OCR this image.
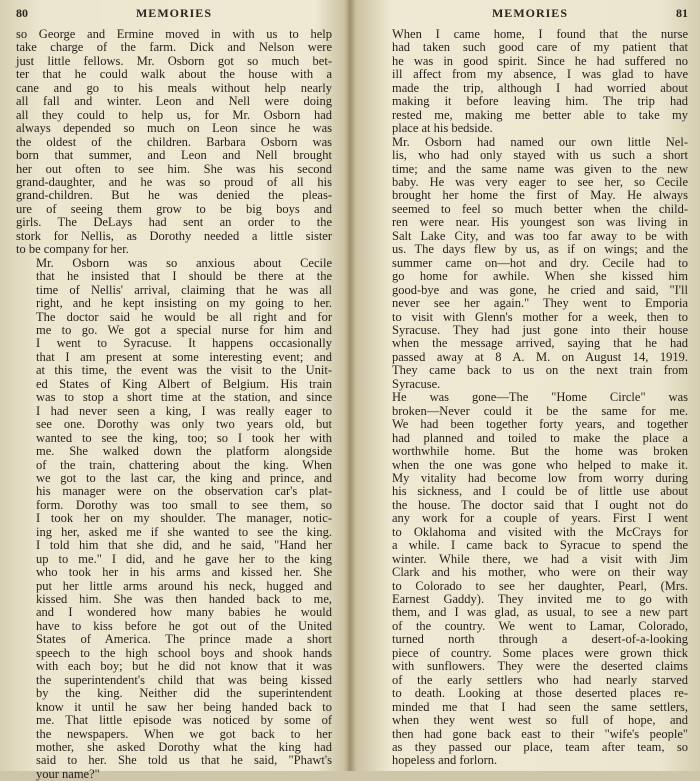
MEMORIES
80

so George and Ermine moved in with us to help
take charge of the farm. Dick and Nelson were
just little fellows. Mr. Osborn got so much bet-
ter that he could walk about the house with a
cane and go to his meals without help nearly
all fall and winter. Leon and Nell were doing
all they could to help us, for Mr. Osborn had
always depended so much on Leon since he was
the oldest of the children. Barbara Osborn was
born that summer, and Leon and Nell brought
her out often to see him. She was his second
grand-daughter, and he was so proud of all his
grand-children. But he was denied the pleas-
ure of seeing them grow to be big boys and
girls. The DeLays had sent an order to the
stork for Nellis, as Dorothy needed a little sister
to be company for her.

Mr. Osborn was so anxious about Cecile
that he insisted that I should be there at the
time of Nellis' arrival, claiming that he was all
right, and he kept insisting on my going to her.
The doctor said he would be all right and for
me to go. We got a special nurse for him and
I went to Syracuse. It happens occasionally
that I am present at some interesting event; and
at this time, the event was the visit to the Unit-
ed States of King Albert of Belgium. His train
was to stop a short time at the station, and since
I had never seen a king, I was really eager to
see one. Dorothy was only two years old, but
wanted to see the king, too; so I took her with
me. She walked down the platform alongside
of the train, chattering about the king. When
we got to the last car, the king and prince, and
his manager were on the observation car's plat-
form. Dorothy was too small to see them, so
I took her on my shoulder. The manager, notic-
ing her, asked me if she wanted to see the king.
I told him that she did, and he said, "Hand her
up to me." I did, and he gave her to the king
who took her in his arms and kissed her. She
put her little arms around his neck, hugged and
kissed him. She was then handed back to me,
and I wondered how many babies he would
have to kiss before he got out of the United
States of America. The prince made a short
speech to the high school boys and shook hands
with each boy; but he did not know that it was
the superintendent's child that was being kissed
by the king. Neither did the superintendent
know it until he saw her being handed back to
me. That little episode was noticed by some of
the newspapers. When we got back to her
mother, she asked Dorothy what the king had
said to her. She told us that he said, "Phawt's
your name?"

MEMORIES	81

When I came home, I found that the nurse
had taken such good care of my patient that
he was in good spirit. Since he had suffered no
ill affect from my absence, I was glad to have
made the trip, although I had worried about
making it before leaving him. The trip had
rested me, making me better able to take my
place at his bedside.

Mr. Osborn had named our own little Nel-
lis, who had only stayed with us such a short
time; and the same name was given to the new
baby. He was very eager to see her, so Cecile
brought her home the first of May. He always
seemed to feel so much better when the child-
ren were near. His youngest son was living in
Salt Lake City, and was too far away to be with
us. The days flew by us, as if on wings; and the
summer came on—hot and dry. Cecile had to
go home for awhile. When she kissed him
good-bye and was gone, he cried and said, "I'll
never see her again." They went to Emporia
to visit with Glenn's mother for a week, then to
Syracuse. They had just gone into their house
when the message arrived, saying that he had
passed away at 8 A. M. on August 14, 1919.
They came back to us on the next train from
Syracuse.

He was gone—The "Home Circle" was
broken—Never could it be the same for me.
We had been together forty years, and together
had planned and toiled to make the place a
worthwhile home. But the home was broken
when the one was gone who helped to make it.
My vitality had become low from worry during
his sickness, and I could be of little use about
the house. The doctor said that I ought not do
any work for a couple of years. First I went
to Oklahoma and visited with the McCrays for
a while. I came back to Syracue to spend the
winter. While there, we had a visit with Jim
Clark and his mother, who were on their way
to Colorado to see her daughter, Pearl, (Mrs.
Earnest Gaddy). They invited me to go with
them, and I was glad, as usual, to see a new part
of the country. We went to Lamar, Colorado,
turned north through a desert-of-a-looking
piece of country. Some places were grown thick
with sunflowers. They were the deserted claims
of the early settlers who had nearly starved
to death. Looking at those deserted places re-
minded me that I had seen the same settlers,
when they went west so full of hope, and
then had gone back east to their "wife's people"
as they passed our place, team after team, so
hopeless and forlorn.
